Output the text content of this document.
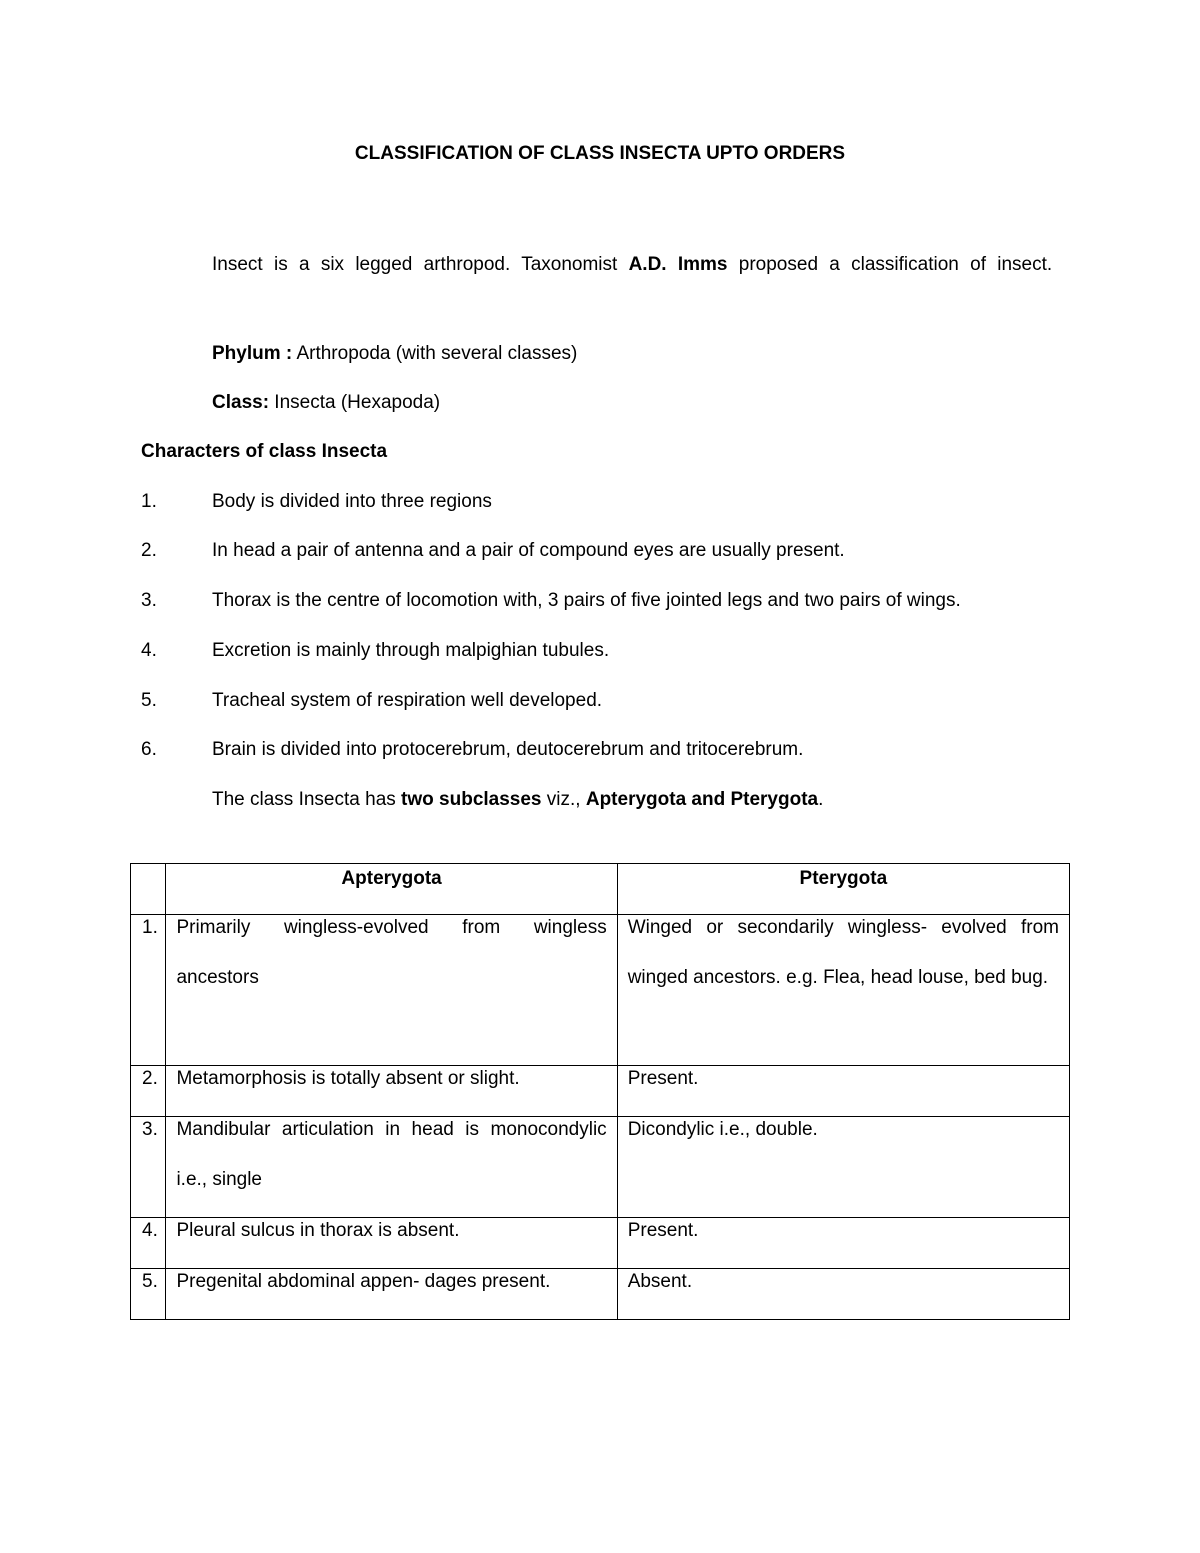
CLASSIFICATION OF CLASS INSECTA UPTO ORDERS
Insect is a six legged arthropod. Taxonomist A.D. Imms proposed a classification of insect.
Phylum : Arthropoda (with several classes)
Class: Insecta (Hexapoda)
Characters of class Insecta
1.	Body is divided into three regions
2.	In head a pair of antenna and a pair of compound eyes are usually present.
3.	Thorax is the centre of locomotion with, 3 pairs of five jointed legs and two pairs of wings.
4.	Excretion is mainly through malpighian tubules.
5.	Tracheal system of respiration well developed.
6.	Brain is divided into protocerebrum, deutocerebrum and tritocerebrum.
The class Insecta has two subclasses viz., Apterygota and Pterygota.
	Apterygota	Pterygota

1.	Primarily wingless-evolved from wingless ancestors	Winged or secondarily wingless- evolved from winged ancestors. e.g. Flea, head louse, bed bug.

2.	Metamorphosis is totally absent or slight.	Present.

3.	Mandibular articulation in head is monocondylic i.e., single	Dicondylic i.e., double.

4.	Pleural sulcus in thorax is absent.	Present.

5.	Pregenital abdominal appen- dages present.	Absent.
